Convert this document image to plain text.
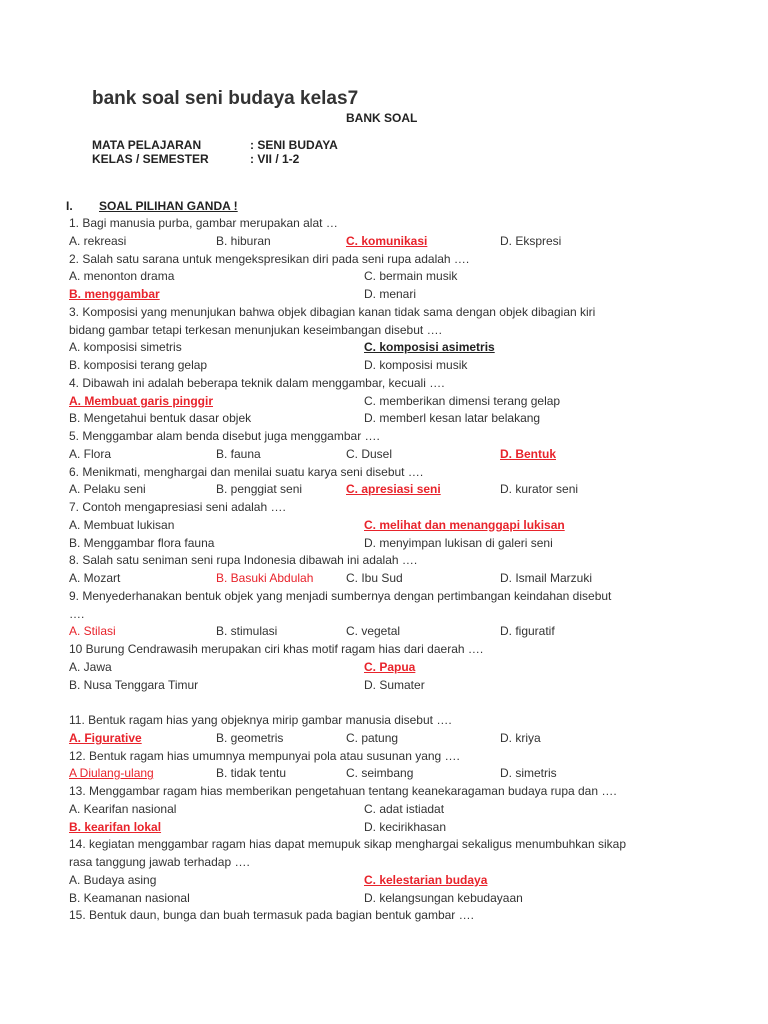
bank soal seni budaya kelas7
BANK SOAL
MATA PELAJARAN	: SENI BUDAYA
KELAS / SEMESTER	: VII / 1-2
I. SOAL PILIHAN GANDA !
1. Bagi manusia purba, gambar merupakan alat …
A. rekreasi	B. hiburan	C. komunikasi	D. Ekspresi
2. Salah satu sarana untuk mengekspresikan diri pada seni rupa adalah ….
A. menonton drama	C. bermain musik
B. menggambar	D. menari
3. Komposisi yang menunjukan bahwa objek dibagian kanan tidak sama dengan objek dibagian kiri
bidang gambar tetapi terkesan menunjukan keseimbangan disebut ….
A. komposisi simetris	C. komposisi asimetris
B. komposisi terang gelap	D. komposisi musik
4. Dibawah ini adalah beberapa teknik dalam menggambar, kecuali ….
A. Membuat garis pinggir	C. memberikan dimensi terang gelap
B. Mengetahui bentuk dasar objek	D. memberl kesan latar belakang
5. Menggambar alam benda disebut juga menggambar ….
A. Flora	B. fauna	C. Dusel	D. Bentuk
6. Menikmati, menghargai dan menilai suatu karya seni disebut ….
A. Pelaku seni	B. penggiat seni	C. apresiasi seni	D. kurator seni
7. Contoh mengapresiasi seni adalah ….
A. Membuat lukisan	C. melihat dan menanggapi lukisan
B. Menggambar flora fauna	D. menyimpan lukisan di galeri seni
8. Salah satu seniman seni rupa Indonesia dibawah ini adalah ….
A. Mozart	B. Basuki Abdulah	C. Ibu Sud	D. Ismail Marzuki
9. Menyederhanakan bentuk objek yang menjadi sumbernya dengan pertimbangan keindahan disebut
….
A. Stilasi	B. stimulasi	C. vegetal	D. figuratif
10 Burung Cendrawasih merupakan ciri khas motif ragam hias dari daerah ….
A. Jawa	C. Papua
B. Nusa Tenggara Timur	D. Sumater
11. Bentuk ragam hias yang objeknya mirip gambar manusia disebut ….
A. Figurative	B. geometris	C. patung	D. kriya
12. Bentuk ragam hias umumnya mempunyai pola atau susunan yang ….
A Diulang-ulang	B. tidak tentu	C. seimbang	D. simetris
13. Menggambar ragam hias memberikan pengetahuan tentang keanekaragaman budaya rupa dan ….
A. Kearifan nasional	C. adat istiadat
B. kearifan lokal	D. kecirikhasan
14. kegiatan menggambar ragam hias dapat memupuk sikap menghargai sekaligus menumbuhkan sikap
rasa tanggung jawab terhadap ….
A. Budaya asing	C. kelestarian budaya
B. Keamanan nasional	D. kelangsungan kebudayaan
15. Bentuk daun, bunga dan buah termasuk pada bagian bentuk gambar ….
